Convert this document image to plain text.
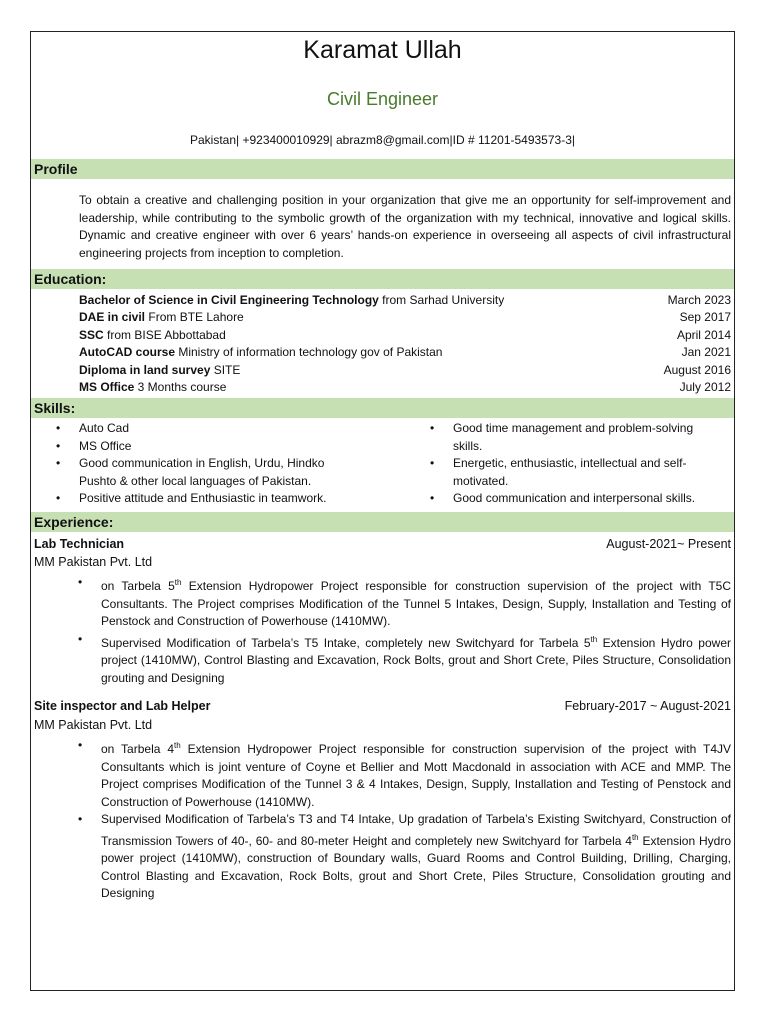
Karamat Ullah
Civil Engineer
Pakistan| +923400010929| abrazm8@gmail.com|ID # 11201-5493573-3|
Profile
To obtain a creative and challenging position in your organization that give me an opportunity for self-improvement and leadership, while contributing to the symbolic growth of the organization with my technical, innovative and logical skills. Dynamic and creative engineer with over 6 years’ hands-on experience in overseeing all aspects of civil infrastructural engineering projects from inception to completion.
Education:
Bachelor of Science in Civil Engineering Technology from Sarhad University	March 2023
DAE in civil From BTE Lahore	Sep 2017
SSC from BISE Abbottabad	April 2014
AutoCAD course Ministry of information technology gov of Pakistan	Jan 2021
Diploma in land survey SITE	August 2016
MS Office 3 Months course	July 2012
Skills:
• Auto Cad
• MS Office
• Good communication in English, Urdu, Hindko Pushto & other local languages of Pakistan.
• Positive attitude and Enthusiastic in teamwork.
• Good time management and problem-solving skills.
• Energetic, enthusiastic, intellectual and self-motivated.
• Good communication and interpersonal skills.
Experience:
Lab Technician	August-2021~ Present
MM Pakistan Pvt. Ltd
• on Tarbela 5th Extension Hydropower Project responsible for construction supervision of the project with T5C Consultants. The Project comprises Modification of the Tunnel 5 Intakes, Design, Supply, Installation and Testing of Penstock and Construction of Powerhouse (1410MW).
• Supervised Modification of Tarbela’s T5 Intake, completely new Switchyard for Tarbela 5th Extension Hydro power project (1410MW), Control Blasting and Excavation, Rock Bolts, grout and Short Crete, Piles Structure, Consolidation grouting and Designing
Site inspector and Lab Helper	February-2017 ~ August-2021
MM Pakistan Pvt. Ltd
• on Tarbela 4th Extension Hydropower Project responsible for construction supervision of the project with T4JV Consultants which is joint venture of Coyne et Bellier and Mott Macdonald in association with ACE and MMP. The Project comprises Modification of the Tunnel 3 & 4 Intakes, Design, Supply, Installation and Testing of Penstock and Construction of Powerhouse (1410MW).
• Supervised Modification of Tarbela’s T3 and T4 Intake, Up gradation of Tarbela’s Existing Switchyard, Construction of Transmission Towers of 40-, 60- and 80-meter Height and completely new Switchyard for Tarbela 4th Extension Hydro power project (1410MW), construction of Boundary walls, Guard Rooms and Control Building, Drilling, Charging, Control Blasting and Excavation, Rock Bolts, grout and Short Crete, Piles Structure, Consolidation grouting and Designing
